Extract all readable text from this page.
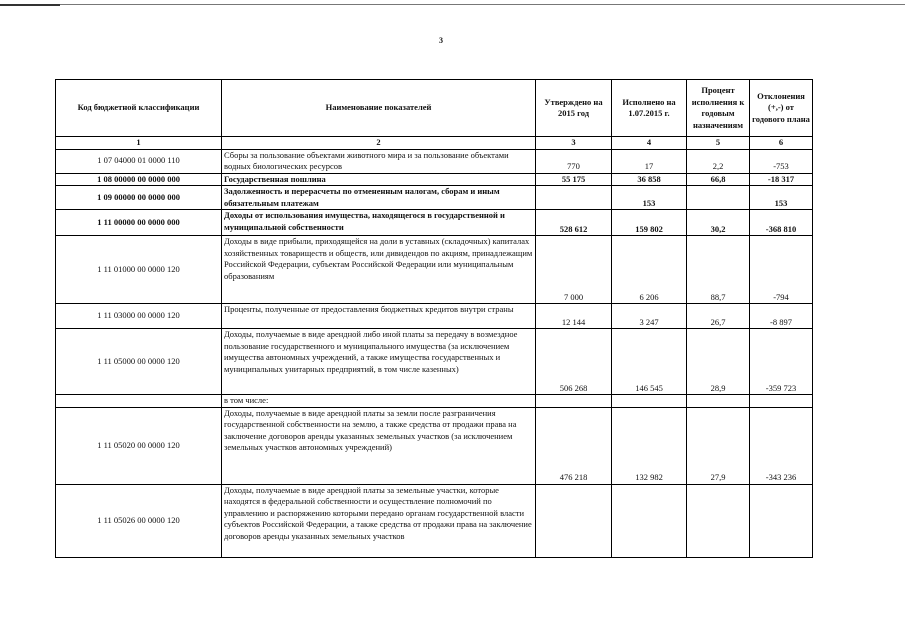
3
Код бюджетной классификации	Наименование показателей	Утверждено на 2015 год	Исполнено на 1.07.2015 г.	Процент исполнения к годовым назначениям	Отклонения (+,-) от годового плана
1	2	3	4	5	6
1 07 04000 01 0000 110	Сборы за пользование объектами животного мира и за пользование объектами водных биологических ресурсов	770	17	2,2	-753
1 08 00000 00 0000 000	Государственная пошлина	55 175	36 858	66,8	-18 317
1 09 00000 00 0000 000	Задолженность и перерасчеты по отмененным налогам, сборам и иным обязательным платежам		153		153
1 11 00000 00 0000 000	Доходы от использования имущества, находящегося в государственной и муниципальной собственности	528 612	159 802	30,2	-368 810
1 11 01000 00 0000 120	Доходы в виде прибыли, приходящейся на доли в уставных (складочных) капиталах хозяйственных товариществ и обществ, или дивидендов по акциям, принадлежащим Российской Федерации, субъектам Российской Федерации или муниципальным образованиям	7 000	6 206	88,7	-794
1 11 03000 00 0000 120	Проценты, полученные от предоставления бюджетных кредитов внутри страны	12 144	3 247	26,7	-8 897
1 11 05000 00 0000 120	Доходы, получаемые в виде арендной либо иной платы за передачу в возмездное пользование государственного и муниципального имущества (за исключением имущества автономных учреждений, а также имущества государственных и муниципальных унитарных предприятий, в том числе казенных)	506 268	146 545	28,9	-359 723
	в том числе:				
1 11 05020 00 0000 120	Доходы, получаемые в виде арендной платы за земли после разграничения государственной собственности на землю, а также средства от продажи права на заключение договоров аренды указанных земельных участков (за исключением земельных участков автономных учреждений)	476 218	132 982	27,9	-343 236
1 11 05026 00 0000 120	Доходы, получаемые в виде арендной платы за земельные участки, которые находятся в федеральной собственности и осуществление полномочий по управлению и распоряжению которыми передано органам государственной власти субъектов Российской Федерации, а также средства от продажи права на заключение договоров аренды указанных земельных участков				
